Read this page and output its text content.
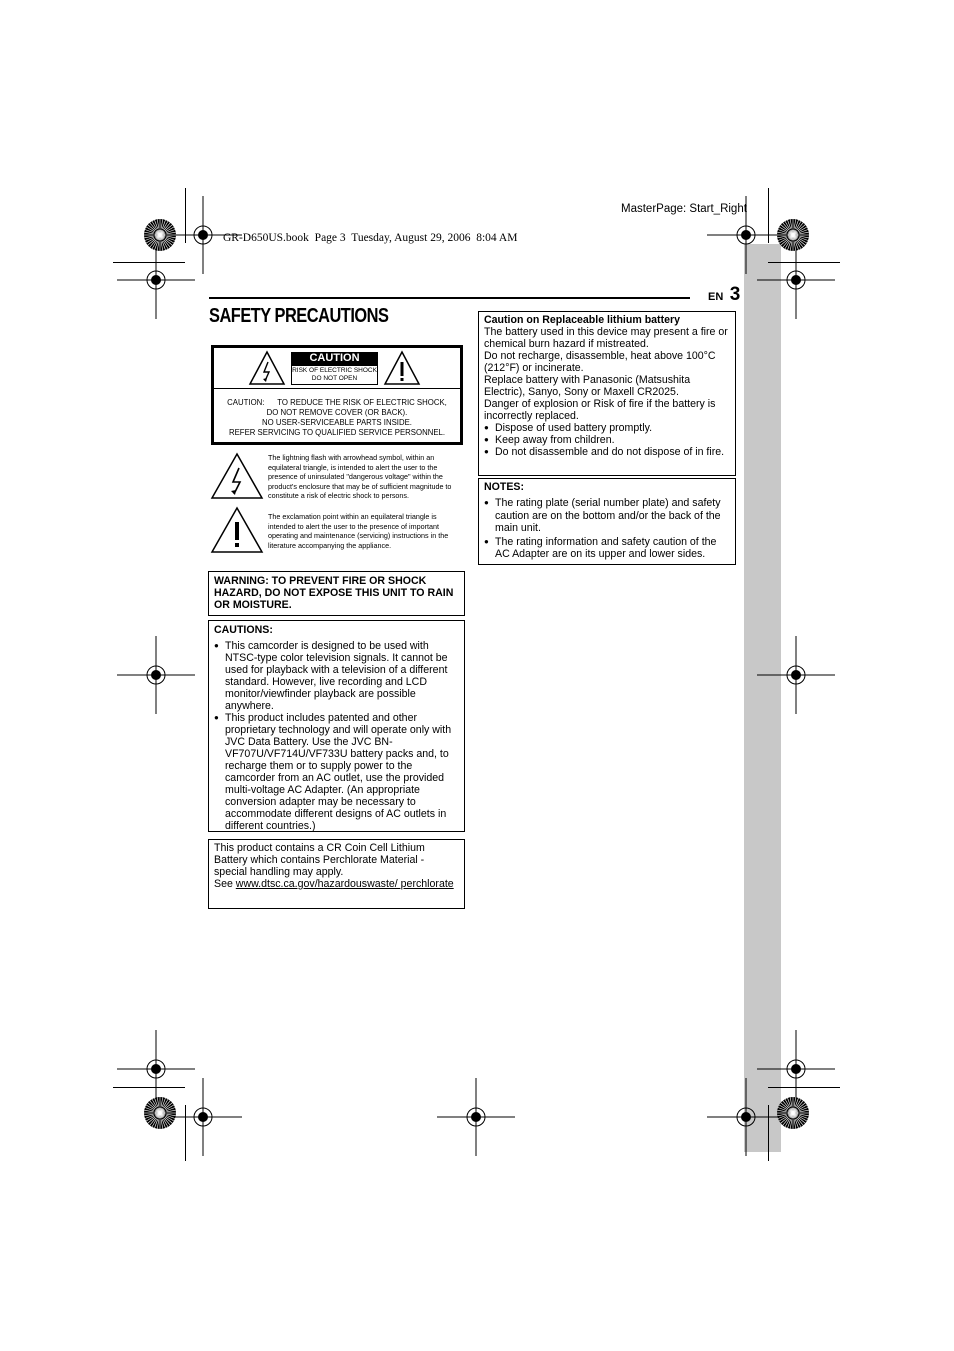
MasterPage: Start_Right
GR-D650US.book  Page 3  Tuesday, August 29, 2006  8:04 AM
EN 3
SAFETY PRECAUTIONS
CAUTION
RISK OF ELECTRIC SHOCK
DO NOT OPEN
CAUTION:      TO REDUCE THE RISK OF ELECTRIC SHOCK,
DO NOT REMOVE COVER (OR BACK).
NO USER-SERVICEABLE PARTS INSIDE.
REFER SERVICING TO QUALIFIED SERVICE PERSONNEL.
The lightning flash with arrowhead symbol, within an equilateral triangle, is intended to alert the user to the presence of uninsulated "dangerous voltage" within the product's enclosure that may be of sufficient magnitude to constitute a risk of electric shock to persons.
The exclamation point within an equilateral triangle is intended to alert the user to the presence of important operating and maintenance (servicing) instructions in the literature accompanying the appliance.
WARNING: TO PREVENT FIRE OR SHOCK HAZARD, DO NOT EXPOSE THIS UNIT TO RAIN OR MOISTURE.
CAUTIONS:
● This camcorder is designed to be used with NTSC-type color television signals. It cannot be used for playback with a television of a different standard. However, live recording and LCD monitor/viewfinder playback are possible anywhere.
● This product includes patented and other proprietary technology and will operate only with JVC Data Battery. Use the JVC BN-VF707U/VF714U/VF733U battery packs and, to recharge them or to supply power to the camcorder from an AC outlet, use the provided multi-voltage AC Adapter. (An appropriate conversion adapter may be necessary to accommodate different designs of AC outlets in different countries.)
This product contains a CR Coin Cell Lithium Battery which contains Perchlorate Material - special handling may apply.
See www.dtsc.ca.gov/hazardouswaste/ perchlorate
Caution on Replaceable lithium battery
The battery used in this device may present a fire or chemical burn hazard if mistreated.
Do not recharge, disassemble, heat above 100°C (212°F) or incinerate.
Replace battery with Panasonic (Matsushita Electric), Sanyo, Sony or Maxell CR2025.
Danger of explosion or Risk of fire if the battery is incorrectly replaced.
● Dispose of used battery promptly.
● Keep away from children.
● Do not disassemble and do not dispose of in fire.
NOTES:
● The rating plate (serial number plate) and safety caution are on the bottom and/or the back of the main unit.
● The rating information and safety caution of the AC Adapter are on its upper and lower sides.
